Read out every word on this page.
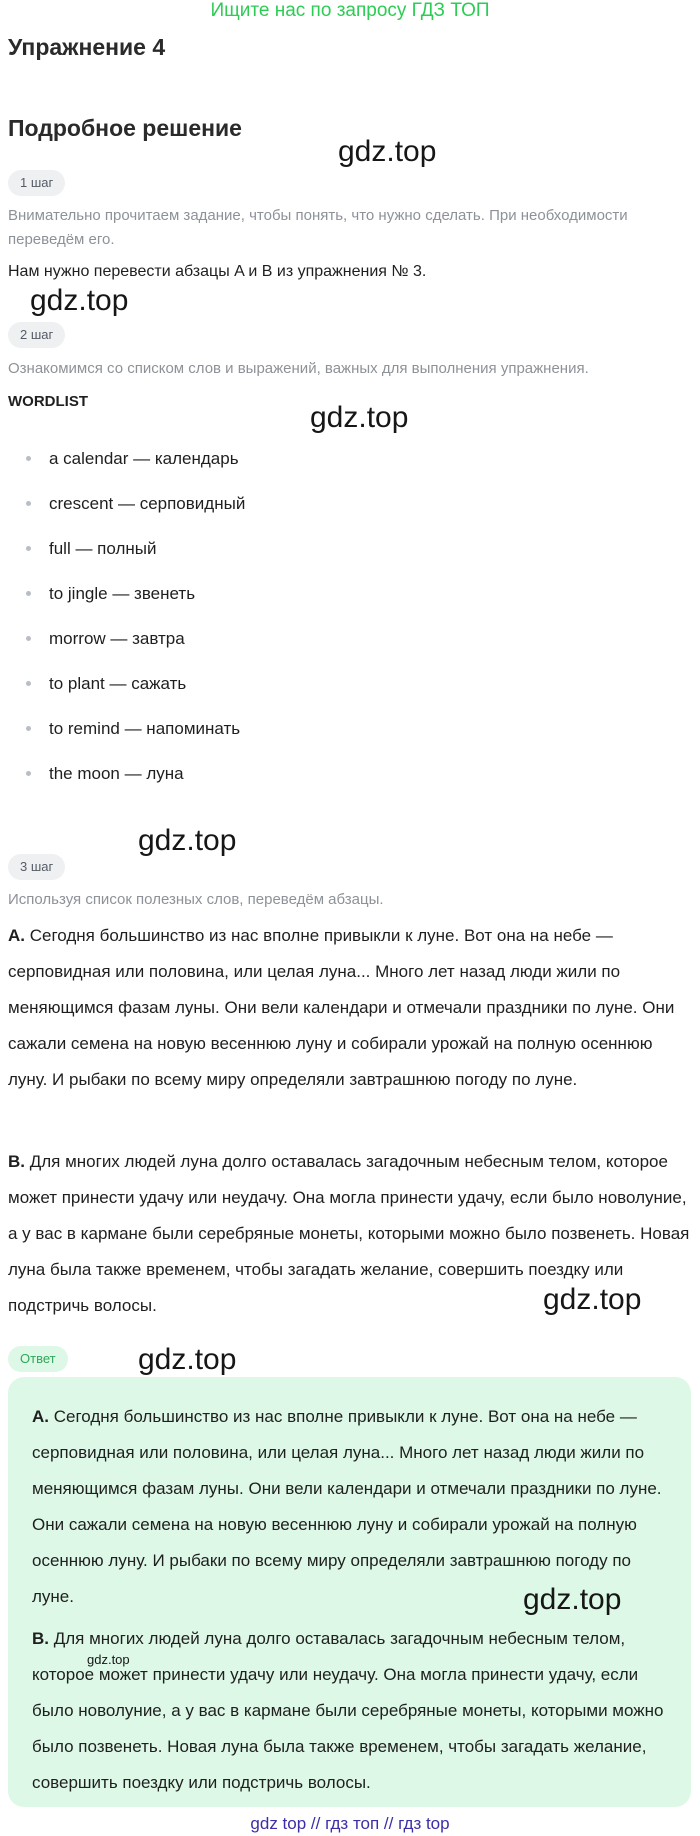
Ищите нас по запросу ГДЗ ТОП
Упражнение 4
Подробное решение
1 шаг
Внимательно прочитаем задание, чтобы понять, что нужно сделать. При необходимости переведём его.
Нам нужно перевести абзацы A и B из упражнения № 3.
2 шаг
Ознакомимся со списком слов и выражений, важных для выполнения упражнения.
WORDLIST
a calendar — календарь
crescent — серповидный
full — полный
to jingle — звенеть
morrow — завтра
to plant — сажать
to remind — напоминать
the moon — луна
3 шаг
Используя список полезных слов, переведём абзацы.
A. Сегодня большинство из нас вполне привыкли к луне. Вот она на небе — серповидная или половина, или целая луна... Много лет назад люди жили по меняющимся фазам луны. Они вели календари и отмечали праздники по луне. Они сажали семена на новую весеннюю луну и собирали урожай на полную осеннюю луну. И рыбаки по всему миру определяли завтрашнюю погоду по луне.
B. Для многих людей луна долго оставалась загадочным небесным телом, которое может принести удачу или неудачу. Она могла принести удачу, если было новолуние, а у вас в кармане были серебряные монеты, которыми можно было позвенеть. Новая луна была также временем, чтобы загадать желание, совершить поездку или подстричь волосы.
Ответ
A. Сегодня большинство из нас вполне привыкли к луне. Вот она на небе — серповидная или половина, или целая луна... Много лет назад люди жили по меняющимся фазам луны. Они вели календари и отмечали праздники по луне. Они сажали семена на новую весеннюю луну и собирали урожай на полную осеннюю луну. И рыбаки по всему миру определяли завтрашнюю погоду по луне.
B. Для многих людей луна долго оставалась загадочным небесным телом, которое может принести удачу или неудачу. Она могла принести удачу, если было новолуние, а у вас в кармане были серебряные монеты, которыми можно было позвенеть. Новая луна была также временем, чтобы загадать желание, совершить поездку или подстричь волосы.
gdz.top
gdz.top
gdz.top
gdz.top
gdz.top
gdz.top
gdz.top
gdz.top
gdz top // гдз топ // гдз top
